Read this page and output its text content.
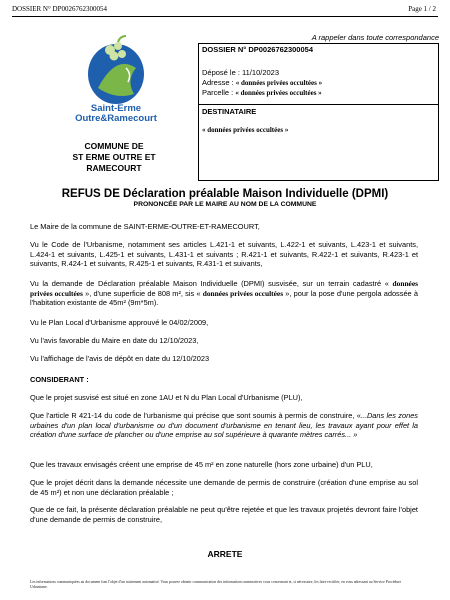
DOSSIER N° DP0026762300054	Page 1 / 2
Saint-Erme
Outre&Ramecourt
COMMUNE DE
ST ERME OUTRE ET
RAMECOURT
A rappeler dans toute correspondance
DOSSIER N° DP0026762300054
Déposé le : 11/10/2023
Adresse : « données privées occultées »
Parcelle : « données privées occultées »
DESTINATAIRE
« données privées occultées »
REFUS DE Déclaration préalable Maison Individuelle (DPMI)
PRONONCÉE PAR LE MAIRE AU NOM DE LA COMMUNE
Le Maire de la commune de SAINT-ERME-OUTRE-ET-RAMECOURT,
Vu le Code de l'Urbanisme, notamment ses articles L.421-1 et suivants, L.422-1 et suivants, L.423-1 et suivants, L.424-1 et suivants, L.425-1 et suivants, L.431-1 et suivants ; R.421-1 et suivants, R.422-1 et suivants, R.423-1 et suivants, R.424-1 et suivants, R.425-1 et suivants, R.431-1 et suivants,
Vu la demande de Déclaration préalable Maison Individuelle (DPMI) susvisée, sur un terrain cadastré « données privées occultées », d'une superficie de 808 m², sis « données privées occultées », pour la pose d'une pergola adossée à l'habitation existante de 45m² (9m*5m).
Vu le Plan Local d'Urbanisme approuvé le 04/02/2009,
Vu l'avis favorable du Maire en date du 12/10/2023,
Vu l'affichage de l'avis de dépôt en date du 12/10/2023
CONSIDERANT :
Que le projet susvisé est situé en zone 1AU et N du Plan Local d'Urbanisme (PLU),
Que l'article R 421-14 du code de l'urbanisme qui précise que sont soumis à permis de construire, «...Dans les zones urbaines d'un plan local d'urbanisme ou d'un document d'urbanisme en tenant lieu, les travaux ayant pour effet la création d'une surface de plancher ou d'une emprise au sol supérieure à quarante mètres carrés... »
Que les travaux envisagés créent une emprise de 45 m² en zone naturelle (hors zone urbaine) d'un PLU,
Que le projet décrit dans la demande nécessite une demande de permis de construire (création d'une emprise au sol de 45 m²) et non une déclaration préalable ;
Que de ce fait, la présente déclaration préalable ne peut qu'être rejetée et que les travaux projetés devront faire l'objet d'une demande de permis de construire,
ARRETE
Les informations communiquées au document font l'objet d'un traitement automatisé. Vous pouvez obtenir communication des informations nominatives vous concernant et, si nécessaire, les faire rectifier, en vous adressant au Service Procédure Urbanisme.
